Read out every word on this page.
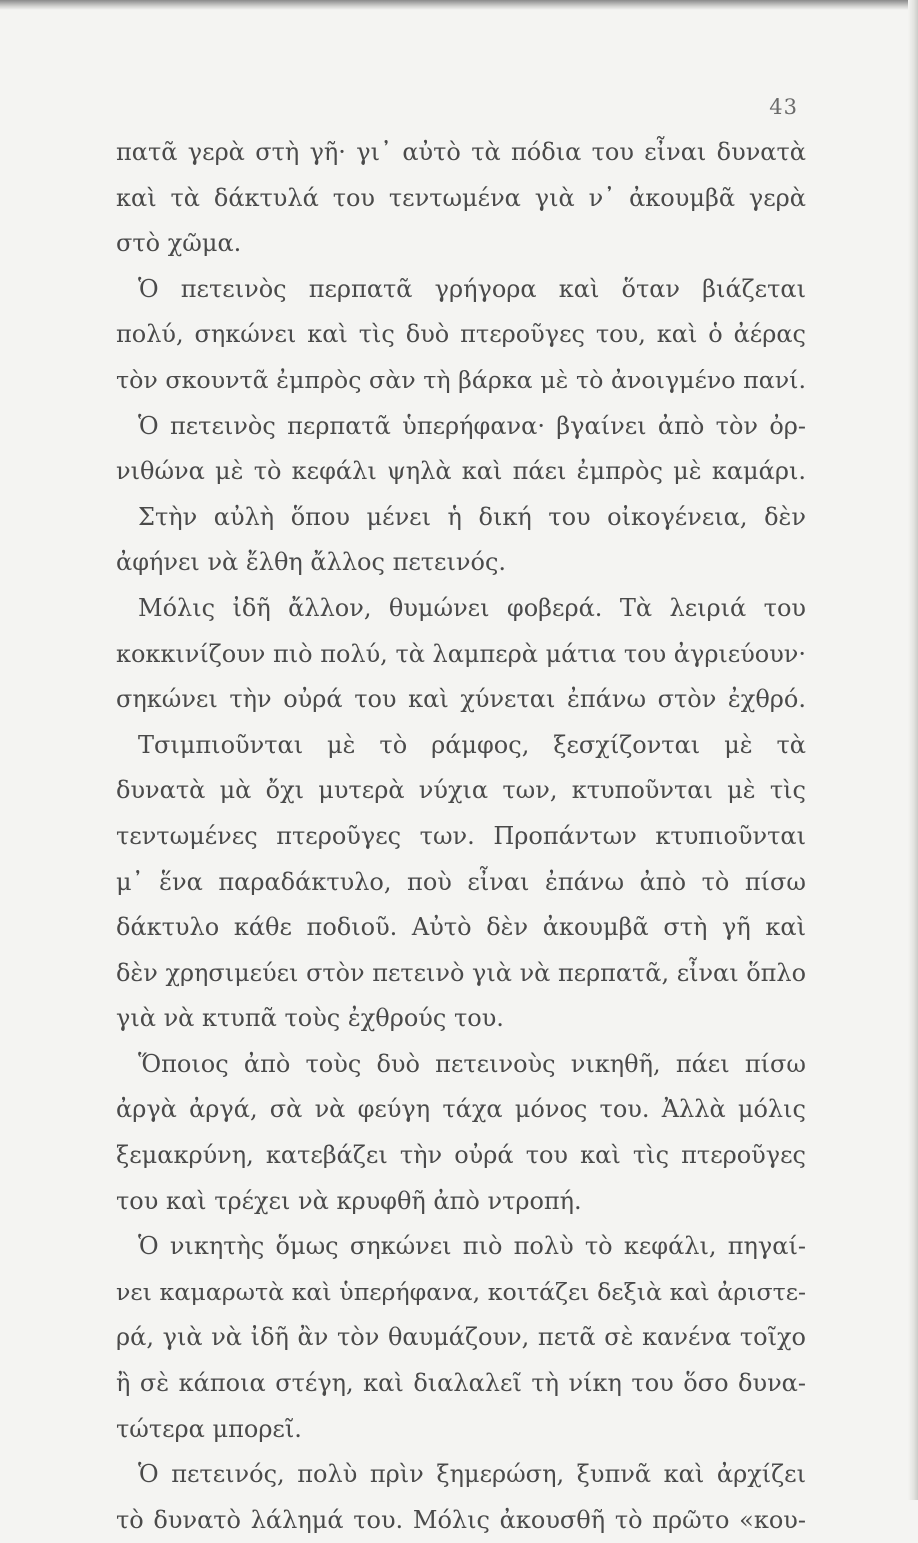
43
πατᾶ γερὰ στὴ γῆ· γι᾽ αὐτὸ τὰ πόδια του εἶναι δυνατὰ
καὶ τὰ δάκτυλά του τεντωμένα γιὰ ν᾽ ἀκουμβᾶ γερὰ
στὸ χῶμα.
Ὁ πετεινὸς περπατᾶ γρήγορα καὶ ὅταν βιάζεται
πολύ, σηκώνει καὶ τὶς δυὸ πτεροῦγες του, καὶ ὁ ἀέρας
τὸν σκουντᾶ ἐμπρὸς σὰν τὴ βάρκα μὲ τὸ ἀνοιγμένο πανί.
Ὁ πετεινὸς περπατᾶ ὑπερήφανα· βγαίνει ἀπὸ τὸν ὀρ-
νιθώνα μὲ τὸ κεφάλι ψηλὰ καὶ πάει ἐμπρὸς μὲ καμάρι.
Στὴν αὐλὴ ὅπου μένει ἡ δική του οἰκογένεια, δὲν
ἀφήνει νὰ ἔλθη ἄλλος πετεινός.
Μόλις ἰδῆ ἄλλον, θυμώνει φοβερά. Τὰ λειριά του
κοκκινίζουν πιὸ πολύ, τὰ λαμπερὰ μάτια του ἀγριεύουν·
σηκώνει τὴν οὐρά του καὶ χύνεται ἐπάνω στὸν ἐχθρό.
Τσιμπιοῦνται μὲ τὸ ράμφος, ξεσχίζονται μὲ τὰ
δυνατὰ μὰ ὄχι μυτερὰ νύχια των, κτυποῦνται μὲ τὶς
τεντωμένες πτεροῦγες των. Προπάντων κτυπιοῦνται
μ᾽ ἕνα παραδάκτυλο, ποὺ εἶναι ἐπάνω ἀπὸ τὸ πίσω
δάκτυλο κάθε ποδιοῦ. Αὐτὸ δὲν ἀκουμβᾶ στὴ γῆ καὶ
δὲν χρησιμεύει στὸν πετεινὸ γιὰ νὰ περπατᾶ, εἶναι ὅπλο
γιὰ νὰ κτυπᾶ τοὺς ἐχθρούς του.
Ὅποιος ἀπὸ τοὺς δυὸ πετεινοὺς νικηθῆ, πάει πίσω
ἀργὰ ἀργά, σὰ νὰ φεύγη τάχα μόνος του. Ἀλλὰ μόλις
ξεμακρύνη, κατεβάζει τὴν οὐρά του καὶ τὶς πτεροῦγες
του καὶ τρέχει νὰ κρυφθῆ ἀπὸ ντροπή.
Ὁ νικητὴς ὅμως σηκώνει πιὸ πολὺ τὸ κεφάλι, πηγαί-
νει καμαρωτὰ καὶ ὑπερήφανα, κοιτάζει δεξιὰ καὶ ἀριστε-
ρά, γιὰ νὰ ἰδῆ ἂν τὸν θαυμάζουν, πετᾶ σὲ κανένα τοῖχο
ἢ σὲ κάποια στέγη, καὶ διαλαλεῖ τὴ νίκη του ὅσο δυνα-
τώτερα μπορεῖ.
Ὁ πετεινός, πολὺ πρὶν ξημερώση, ξυπνᾶ καὶ ἀρχίζει
τὸ δυνατὸ λάλημά του. Μόλις ἀκουσθῆ τὸ πρῶτο «κου-
